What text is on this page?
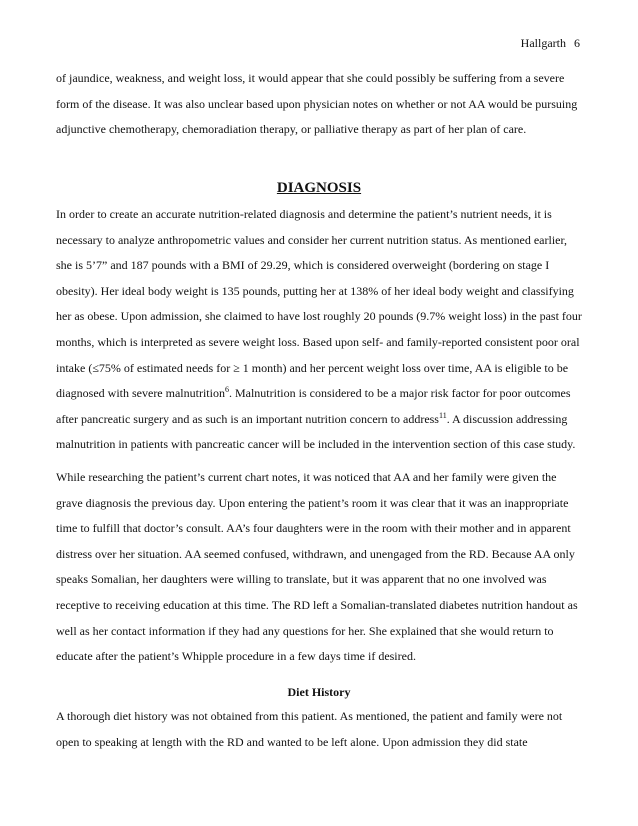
Hallgarth 6

of jaundice, weakness, and weight loss, it would appear that she could possibly be suffering from a severe form of the disease. It was also unclear based upon physician notes on whether or not AA would be pursuing adjunctive chemotherapy, chemoradiation therapy, or palliative therapy as part of her plan of care.

DIAGNOSIS

In order to create an accurate nutrition-related diagnosis and determine the patient’s nutrient needs, it is necessary to analyze anthropometric values and consider her current nutrition status. As mentioned earlier, she is 5’7” and 187 pounds with a BMI of 29.29, which is considered overweight (bordering on stage I obesity). Her ideal body weight is 135 pounds, putting her at 138% of her ideal body weight and classifying her as obese. Upon admission, she claimed to have lost roughly 20 pounds (9.7% weight loss) in the past four months, which is interpreted as severe weight loss. Based upon self- and family-reported consistent poor oral intake (≤75% of estimated needs for ≥ 1 month) and her percent weight loss over time, AA is eligible to be diagnosed with severe malnutrition$^6$. Malnutrition is considered to be a major risk factor for poor outcomes after pancreatic surgery and as such is an important nutrition concern to address$^{11}$. A discussion addressing malnutrition in patients with pancreatic cancer will be included in the intervention section of this case study.

While researching the patient’s current chart notes, it was noticed that AA and her family were given the grave diagnosis the previous day. Upon entering the patient’s room it was clear that it was an inappropriate time to fulfill that doctor’s consult. AA’s four daughters were in the room with their mother and in apparent distress over her situation. AA seemed confused, withdrawn, and unengaged from the RD. Because AA only speaks Somalian, her daughters were willing to translate, but it was apparent that no one involved was receptive to receiving education at this time. The RD left a Somalian-translated diabetes nutrition handout as well as her contact information if they had any questions for her. She explained that she would return to educate after the patient’s Whipple procedure in a few days time if desired.

Diet History

A thorough diet history was not obtained from this patient. As mentioned, the patient and family were not open to speaking at length with the RD and wanted to be left alone. Upon admission they did state
